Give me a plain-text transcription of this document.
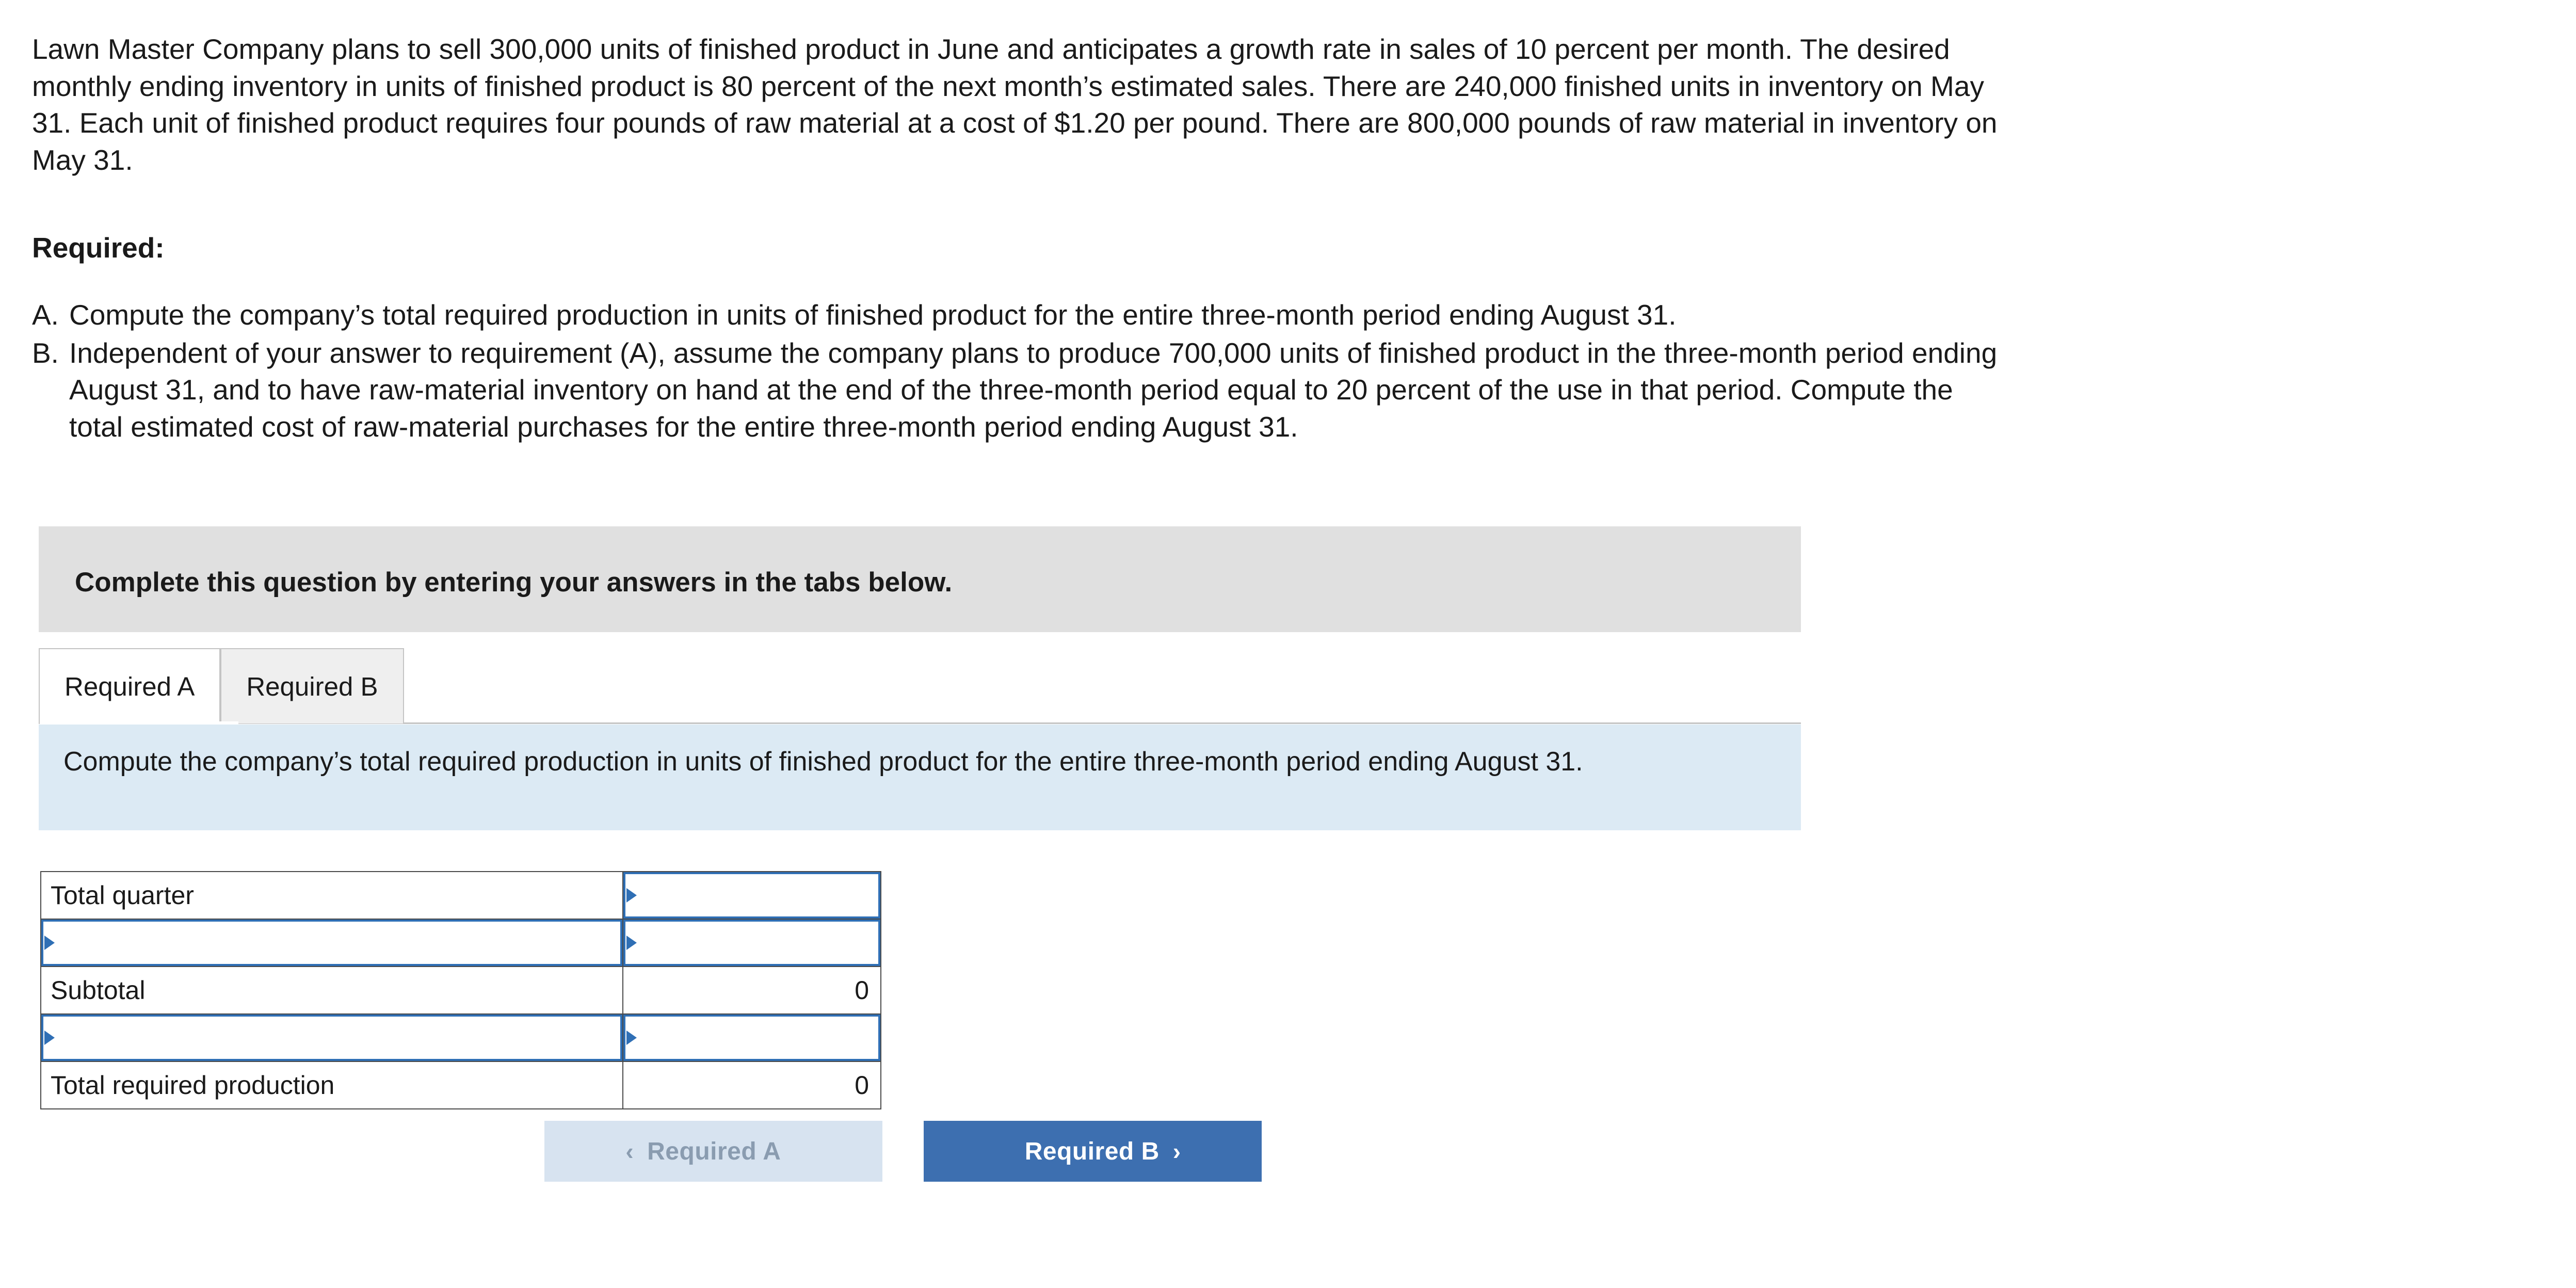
Lawn Master Company plans to sell 300,000 units of finished product in June and anticipates a growth rate in sales of 10 percent per month. The desired monthly ending inventory in units of finished product is 80 percent of the next month’s estimated sales. There are 240,000 finished units in inventory on May 31. Each unit of finished product requires four pounds of raw material at a cost of $1.20 per pound. There are 800,000 pounds of raw material in inventory on May 31.
Required:
A. Compute the company’s total required production in units of finished product for the entire three-month period ending August 31.
B. Independent of your answer to requirement (A), assume the company plans to produce 700,000 units of finished product in the three-month period ending August 31, and to have raw-material inventory on hand at the end of the three-month period equal to 20 percent of the use in that period. Compute the total estimated cost of raw-material purchases for the entire three-month period ending August 31.
Complete this question by entering your answers in the tabs below.
Required A Required B
Compute the company’s total required production in units of finished product for the entire three-month period ending August 31.
Total quarter	

Subtotal	0

Total required production	0
‹ Required A	Required B ›
